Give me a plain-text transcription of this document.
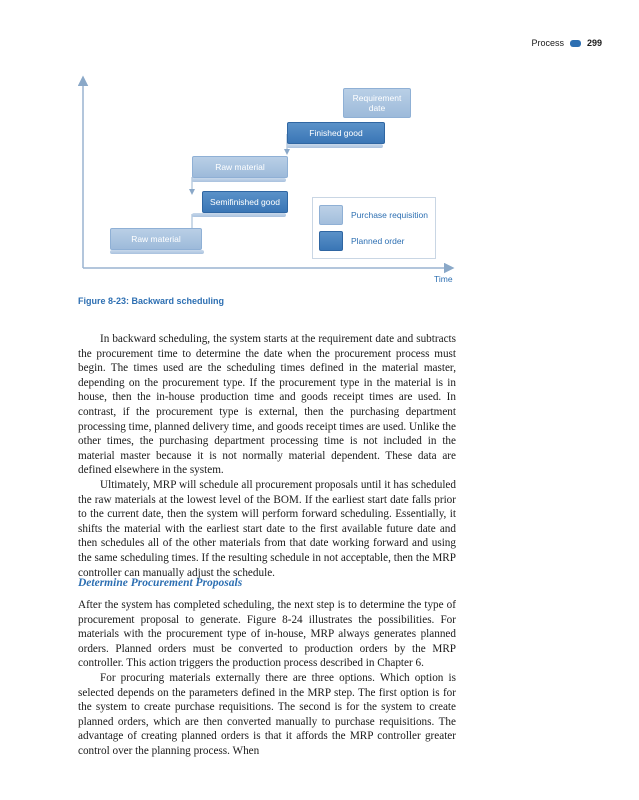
Process	299
Requirement date
Finished good
Raw material
Semifinished good
Raw material
Purchase requisition
Planned order
Time
Figure 8-23: Backward scheduling

In backward scheduling, the system starts at the requirement date and subtracts the procurement time to determine the date when the procurement process must begin. The times used are the scheduling times defined in the material master, depending on the procurement type. If the procurement type in the material is in house, then the in-house production time and goods receipt times are used. In contrast, if the procurement type is external, then the purchasing department processing time, planned delivery time, and goods receipt times are used. Unlike the other times, the purchasing department processing time is not included in the material master because it is not normally material dependent. These data are defined elsewhere in the system.

Ultimately, MRP will schedule all procurement proposals until it has scheduled the raw materials at the lowest level of the BOM. If the earliest start date falls prior to the current date, then the system will perform forward scheduling. Essentially, it shifts the material with the earliest start date to the first available future date and then schedules all of the other materials from that date working forward and using the same scheduling times. If the resulting schedule in not acceptable, then the MRP controller can manually adjust the schedule.

Determine Procurement Proposals

After the system has completed scheduling, the next step is to determine the type of procurement proposal to generate. Figure 8-24 illustrates the possibilities. For materials with the procurement type of in-house, MRP always generates planned orders. Planned orders must be converted to production orders by the MRP controller. This action triggers the production process described in Chapter 6.

For procuring materials externally there are three options. Which option is selected depends on the parameters defined in the MRP step. The first option is for the system to create purchase requisitions. The second is for the system to create planned orders, which are then converted manually to purchase requisitions. The advantage of creating planned orders is that it affords the MRP controller greater control over the planning process. When
